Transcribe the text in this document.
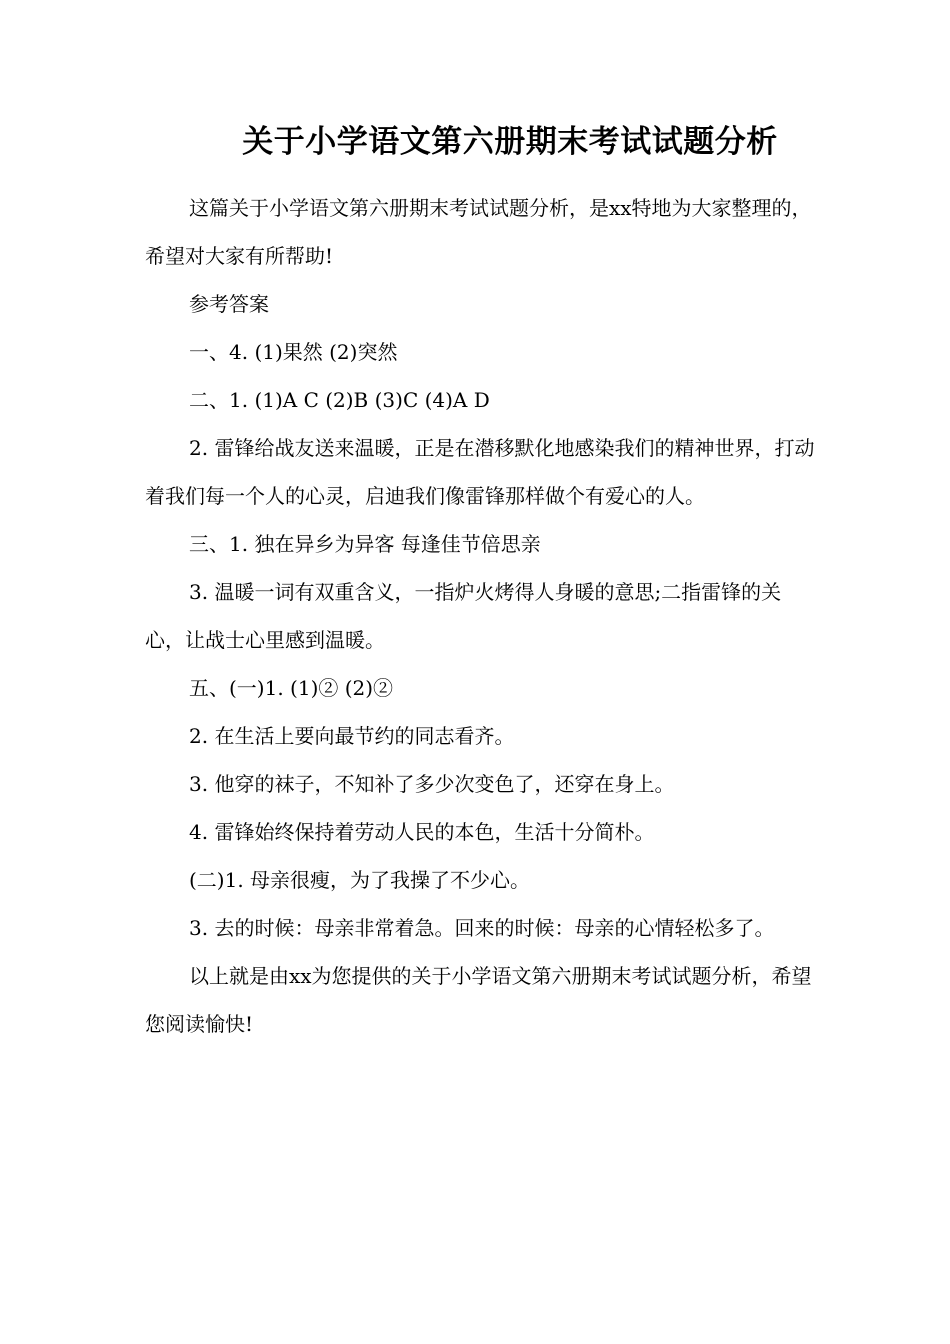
关于小学语文第六册期末考试试题分析

这篇关于小学语文第六册期末考试试题分析，是xx特地为大家整理的，希望对大家有所帮助!

参考答案

一、4. (1)果然 (2)突然

二、1. (1)A C (2)B (3)C (4)A D

2. 雷锋给战友送来温暖，正是在潜移默化地感染我们的精神世界，打动着我们每一个人的心灵，启迪我们像雷锋那样做个有爱心的人。

三、1. 独在异乡为异客 每逢佳节倍思亲

3. 温暖一词有双重含义，一指炉火烤得人身暖的意思;二指雷锋的关心，让战士心里感到温暖。

五、(一)1. (1)② (2)②

2. 在生活上要向最节约的同志看齐。

3. 他穿的袜子，不知补了多少次变色了，还穿在身上。

4. 雷锋始终保持着劳动人民的本色，生活十分简朴。

(二)1. 母亲很瘦，为了我操了不少心。

3. 去的时候：母亲非常着急。回来的时候：母亲的心情轻松多了。

以上就是由xx为您提供的关于小学语文第六册期末考试试题分析，希望您阅读愉快!
